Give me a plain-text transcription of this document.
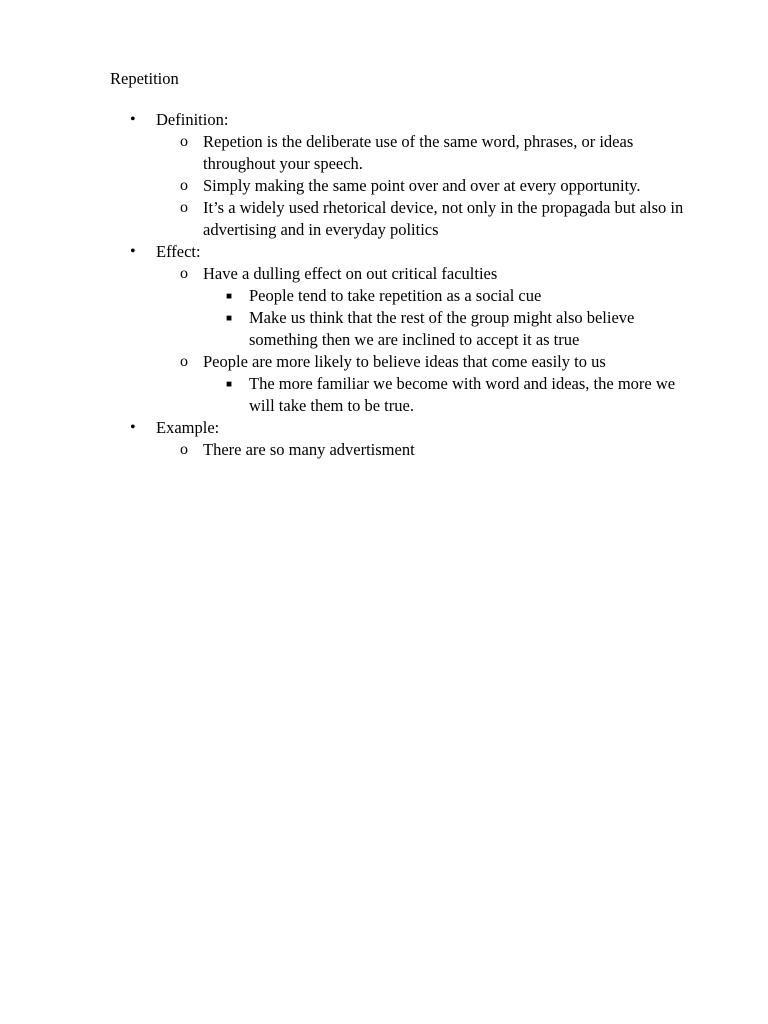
Repetition
• Definition:
o Repetion is the deliberate use of the same word, phrases, or ideas throughout your speech.
o Simply making the same point over and over at every opportunity.
o It’s a widely used rhetorical device, not only in the propagada but also in advertising and in everyday politics
• Effect:
o Have a dulling effect on out critical faculties
■ People tend to take repetition as a social cue
■ Make us think that the rest of the group might also believe something then we are inclined to accept it as true
o People are more likely to believe ideas that come easily to us
■ The more familiar we become with word and ideas, the more we will take them to be true.
• Example:
o There are so many advertisment
